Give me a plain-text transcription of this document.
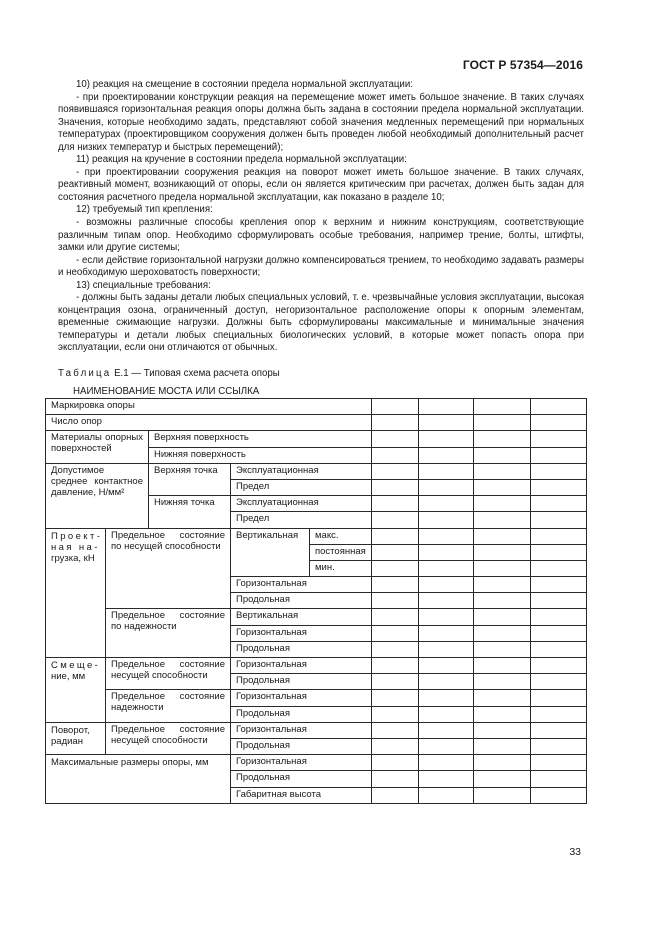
ГОСТ Р 57354—2016

10) реакция на смещение в состоянии предела нормальной эксплуатации:

- при проектировании конструкции реакция на перемещение может иметь большое значение. В таких случаях появившаяся горизонтальная реакция опоры должна быть задана в состоянии предела нормальной эксплуатации. Значения, которые необходимо задать, представляют собой значения медленных перемещений при нормальных температурах (проектировщиком сооружения должен быть проведен любой необходимый дополнительный расчет для низких температур и быстрых перемещений);

11) реакция на кручение в состоянии предела нормальной эксплуатации:

- при проектировании сооружения реакция на поворот может иметь большое значение. В таких случаях, реактивный момент, возникающий от опоры, если он является критическим при расчетах, должен быть задан для состояния расчетного предела нормальной эксплуатации, как показано в разделе 10;

12) требуемый тип крепления:

- возможны различные способы крепления опор к верхним и нижним конструкциям, соответствующие различным типам опор. Необходимо сформулировать особые требования, например трение, болты, штифты, замки или другие системы;

- если действие горизонтальной нагрузки должно компенсироваться трением, то необходимо задавать размеры и необходимую шероховатость поверхности;

13) специальные требования:

- должны быть заданы детали любых специальных условий, т. е. чрезвычайные условия эксплуатации, высокая концентрация озона, ограниченный доступ, негоризонтальное расположение опоры к опорным элементам, временные сжимающие нагрузки. Должны быть сформулированы максимальные и минимальные значения температуры и детали любых специальных биологических условий, в которые может попасть опора при эксплуатации, если они отличаются от обычных.

Таблица Е.1 — Типовая схема расчета опоры
НАИМЕНОВАНИЕ МОСТА ИЛИ ССЫЛКА
Маркировка опоры								
Число опор								
Материалы опорных поверхностей		Верхняя поверхность						
		Нижняя поверхность						
Допустимое среднее контактное давление, Н/мм²		Верхняя точка	Эксплуатационная					
			Предел					
		Нижняя точка	Эксплуатационная					
			Предел					

Проект-
ная на-
грузка, кН	Предельное состояние по несущей способности		Вертикальная	макс.				
				постоянная				
				мин.				
			Горизонтальная					
			Продольная					
	Предельное состояние по надежности		Вертикальная					
			Горизонтальная					
			Продольная					

Смеще-
ние, мм	Предельное состояние несущей способности		Горизонтальная					
			Продольная					
	Предельное состояние надежности		Горизонтальная					
			Продольная					
Поворот, радиан	Предельное состояние несущей способности		Горизонтальная					
			Продольная					
Максимальные размеры опоры, мм			Горизонтальная					
			Продольная					
			Габаритная высота					
33
